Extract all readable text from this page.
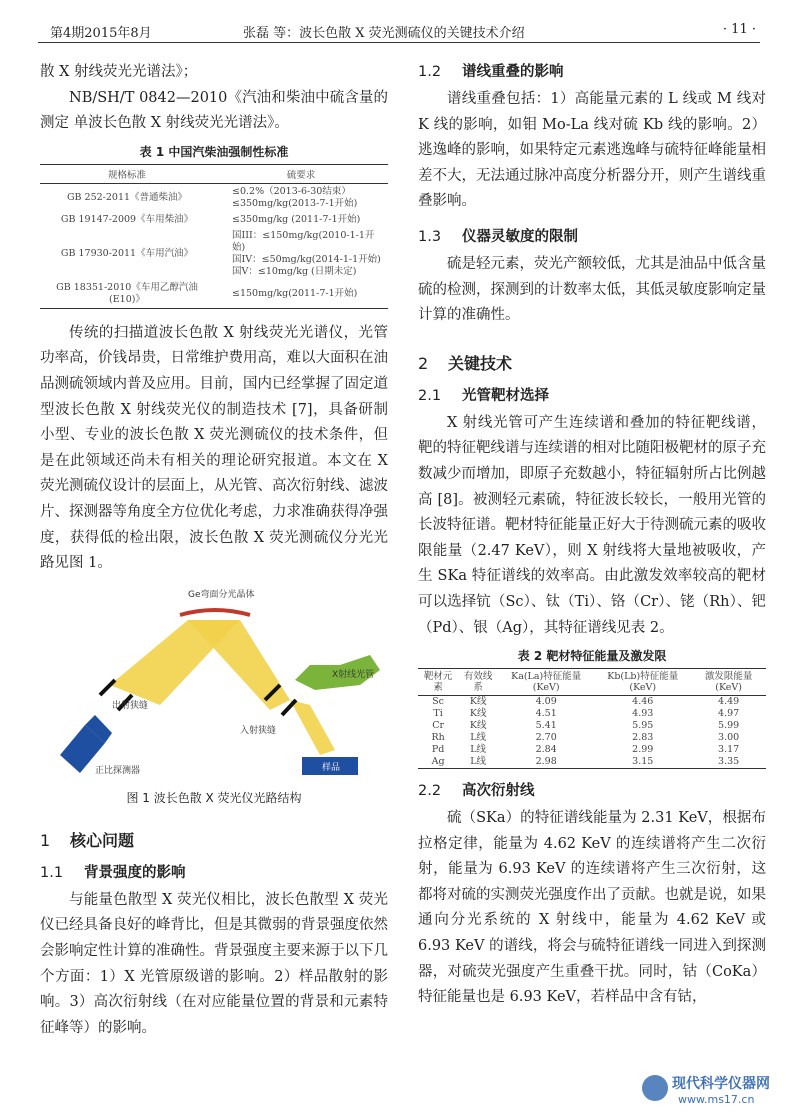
第4期2015年8月	张磊 等：波长色散 X 荧光测硫仪的关键技术介绍	· 11 ·

散 X 射线荧光光谱法》；

NB/SH/T 0842—2010《汽油和柴油中硫含量的测定 单波长色散 X 射线荧光光谱法》。

表 1 中国汽柴油强制性标准
规格标准	硫要求
GB 252-2011《普通柴油》	≤0.2%（2013-6-30结束）
≤350mg/kg(2013-7-1开始)

GB 19147-2009《车用柴油》	≤350mg/kg (2011-7-1开始)

GB 17930-2011《车用汽油》	国III：≤150mg/kg(2010-1-1开始)
国IV：≤50mg/kg(2014-1-1开始)
国V：≤10mg/kg (日期未定)

GB 18351-2010《车用乙醇汽油 (E10)》	≤150mg/kg(2011-7-1开始)

传统的扫描道波长色散 X 射线荧光光谱仪，光管功率高，价钱昂贵，日常维护费用高，难以大面积在油品测硫领域内普及应用。目前，国内已经掌握了固定道型波长色散 X 射线荧光仪的制造技术 [7]，具备研制小型、专业的波长色散 X 荧光测硫仪的技术条件，但是在此领域还尚未有相关的理论研究报道。本文在 X 荧光测硫仪设计的层面上，从光管、高次衍射线、滤波片、探测器等角度全方位优化考虑，力求准确获得净强度，获得低的检出限，波长色散 X 荧光测硫仪分光光路见图 1。

Ge弯面分光晶体
出射狭缝
入射狭缝
X射线光管
正比探测器	样品
图 1 波长色散 X 荧光仪光路结构
1 核心问题
1.1 背景强度的影响

与能量色散型 X 荧光仪相比，波长色散型 X 荧光仪已经具备良好的峰背比，但是其微弱的背景强度依然会影响定性计算的准确性。背景强度主要来源于以下几个方面：1）X 光管原级谱的影响。2）样品散射的影响。3）高次衍射线（在对应能量位置的背景和元素特征峰等）的影响。

1.2 谱线重叠的影响

谱线重叠包括：1）高能量元素的 L 线或 M 线对 K 线的影响，如钼 Mo-La 线对硫 Kb 线的影响。2）逃逸峰的影响，如果特定元素逃逸峰与硫特征峰能量相差不大，无法通过脉冲高度分析器分开，则产生谱线重叠影响。

1.3 仪器灵敏度的限制

硫是轻元素，荧光产额较低，尤其是油品中低含量硫的检测，探测到的计数率太低，其低灵敏度影响定量计算的准确性。

2 关键技术
2.1 光管靶材选择

X 射线光管可产生连续谱和叠加的特征靶线谱，靶的特征靶线谱与连续谱的相对比随阳极靶材的原子充数减少而增加，即原子充数越小，特征辐射所占比例越高 [8]。被测轻元素硫，特征波长较长，一般用光管的长波特征谱。靶材特征能量正好大于待测硫元素的吸收限能量（2.47 KeV），则 X 射线将大量地被吸收，产生 SKa 特征谱线的效率高。由此激发效率较高的靶材可以选择钪（Sc）、钛（Ti）、铬（Cr）、铑（Rh）、钯（Pd）、银（Ag），其特征谱线见表 2。

表 2 靶材特征能量及激发限
靶材元素	有效线系	Ka(La)特征能量(KeV)	Kb(Lb)特征能量(KeV)	激发限能量(KeV)
Sc	K线	4.09	4.46	4.49
Ti	K线	4.51	4.93	4.97
Cr	K线	5.41	5.95	5.99
Rh	L线	2.70	2.83	3.00
Pd	L线	2.84	2.99	3.17
Ag	L线	2.98	3.15	3.35
2.2 高次衍射线

硫（SKa）的特征谱线能量为 2.31 KeV，根据布拉格定律，能量为 4.62 KeV 的连续谱将产生二次衍射，能量为 6.93 KeV 的连续谱将产生三次衍射，这都将对硫的实测荧光强度作出了贡献。也就是说，如果通向分光系统的 X 射线中，能量为 4.62 KeV 或 6.93 KeV 的谱线，将会与硫特征谱线一同进入到探测器，对硫荧光强度产生重叠干扰。同时，钴（CoKa）特征能量也是 6.93 KeV，若样品中含有钴，

现代科学仪器网
www.ms17.cn
